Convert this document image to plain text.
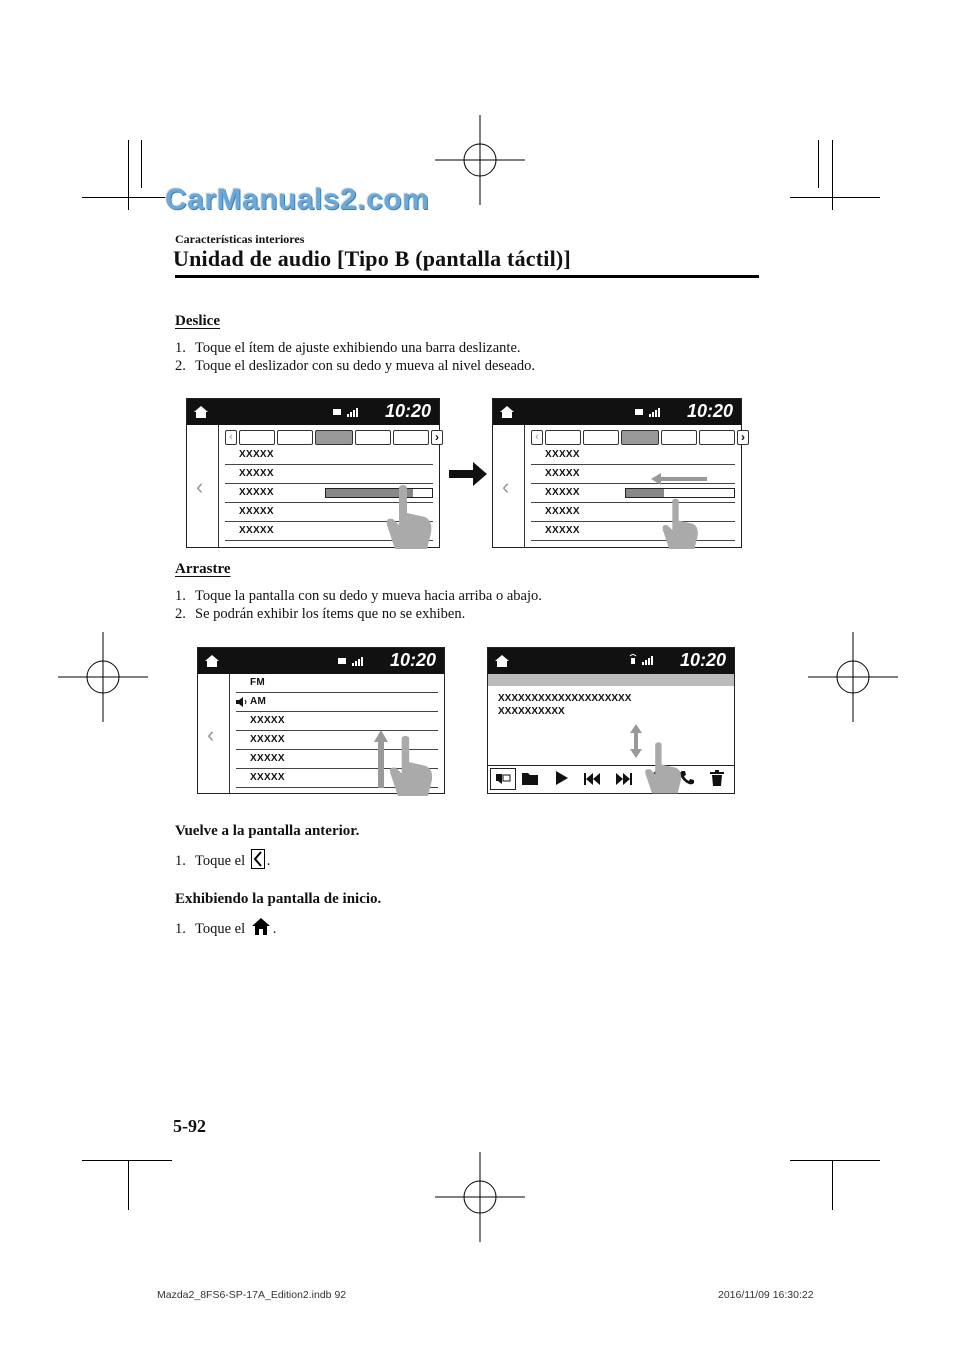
CarManuals2.com
Características interiores
Unidad de audio [Tipo B (pantalla táctil)]
Deslice
1. Toque el ítem de ajuste exhibiendo una barra deslizante.
2. Toque el deslizador con su dedo y mueva al nivel deseado.
10:20
‹	›
‹
XXXXX
XXXXX
XXXXX
XXXXX
XXXXX
10:20
‹	›
‹
XXXXX
XXXXX
XXXXX
XXXXX
XXXXX
Arrastre
1. Toque la pantalla con su dedo y mueva hacia arriba o abajo.
2. Se podrán exhibir los ítems que no se exhiben.
10:20
‹
FM
AM
XXXXX
XXXXX
XXXXX
XXXXX
10:20
XXXXXXXXXXXXXXXXXXXX
XXXXXXXXXX
Vuelve a la pantalla anterior.
1. Toque el .
Exhibiendo la pantalla de inicio.
1. Toque el .
5-92
Mazda2_8FS6-SP-17A_Edition2.indb 92	2016/11/09 16:30:22
